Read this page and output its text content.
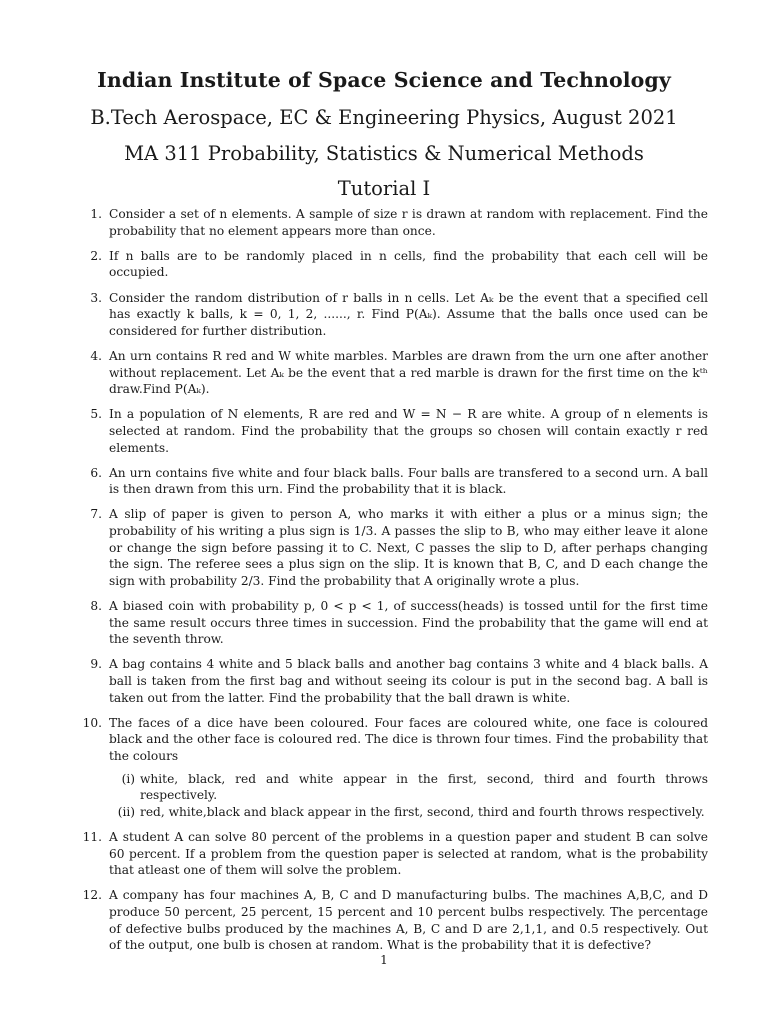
Indian Institute of Space Science and Technology
B.Tech Aerospace, EC & Engineering Physics, August 2021
MA 311 Probability, Statistics & Numerical Methods
Tutorial I
1. Consider a set of n elements. A sample of size r is drawn at random with replacement. Find the probability that no element appears more than once.
2. If n balls are to be randomly placed in n cells, find the probability that each cell will be occupied.
3. Consider the random distribution of r balls in n cells. Let Aₖ be the event that a specified cell has exactly k balls, k = 0, 1, 2, ......, r. Find P(Aₖ). Assume that the balls once used can be considered for further distribution.
4. An urn contains R red and W white marbles. Marbles are drawn from the urn one after another without replacement. Let Aₖ be the event that a red marble is drawn for the first time on the kᵗʰ draw.Find P(Aₖ).
5. In a population of N elements, R are red and W = N − R are white. A group of n elements is selected at random. Find the probability that the groups so chosen will contain exactly r red elements.
6. An urn contains five white and four black balls. Four balls are transfered to a second urn. A ball is then drawn from this urn. Find the probability that it is black.
7. A slip of paper is given to person A, who marks it with either a plus or a minus sign; the probability of his writing a plus sign is 1/3. A passes the slip to B, who may either leave it alone or change the sign before passing it to C. Next, C passes the slip to D, after perhaps changing the sign. The referee sees a plus sign on the slip. It is known that B, C, and D each change the sign with probability 2/3. Find the probability that A originally wrote a plus.
8. A biased coin with probability p, 0 < p < 1, of success(heads) is tossed until for the first time the same result occurs three times in succession. Find the probability that the game will end at the seventh throw.
9. A bag contains 4 white and 5 black balls and another bag contains 3 white and 4 black balls. A ball is taken from the first bag and without seeing its colour is put in the second bag. A ball is taken out from the latter. Find the probability that the ball drawn is white.
10. The faces of a dice have been coloured. Four faces are coloured white, one face is coloured black and the other face is coloured red. The dice is thrown four times. Find the probability that the colours
(i) white, black, red and white appear in the first, second, third and fourth throws respectively.
(ii) red, white,black and black appear in the first, second, third and fourth throws respectively.
11. A student A can solve 80 percent of the problems in a question paper and student B can solve 60 percent. If a problem from the question paper is selected at random, what is the probability that atleast one of them will solve the problem.
12. A company has four machines A, B, C and D manufacturing bulbs. The machines A,B,C, and D produce 50 percent, 25 percent, 15 percent and 10 percent bulbs respectively. The percentage of defective bulbs produced by the machines A, B, C and D are 2,1,1, and 0.5 respectively. Out of the output, one bulb is chosen at random. What is the probability that it is defective?
1
